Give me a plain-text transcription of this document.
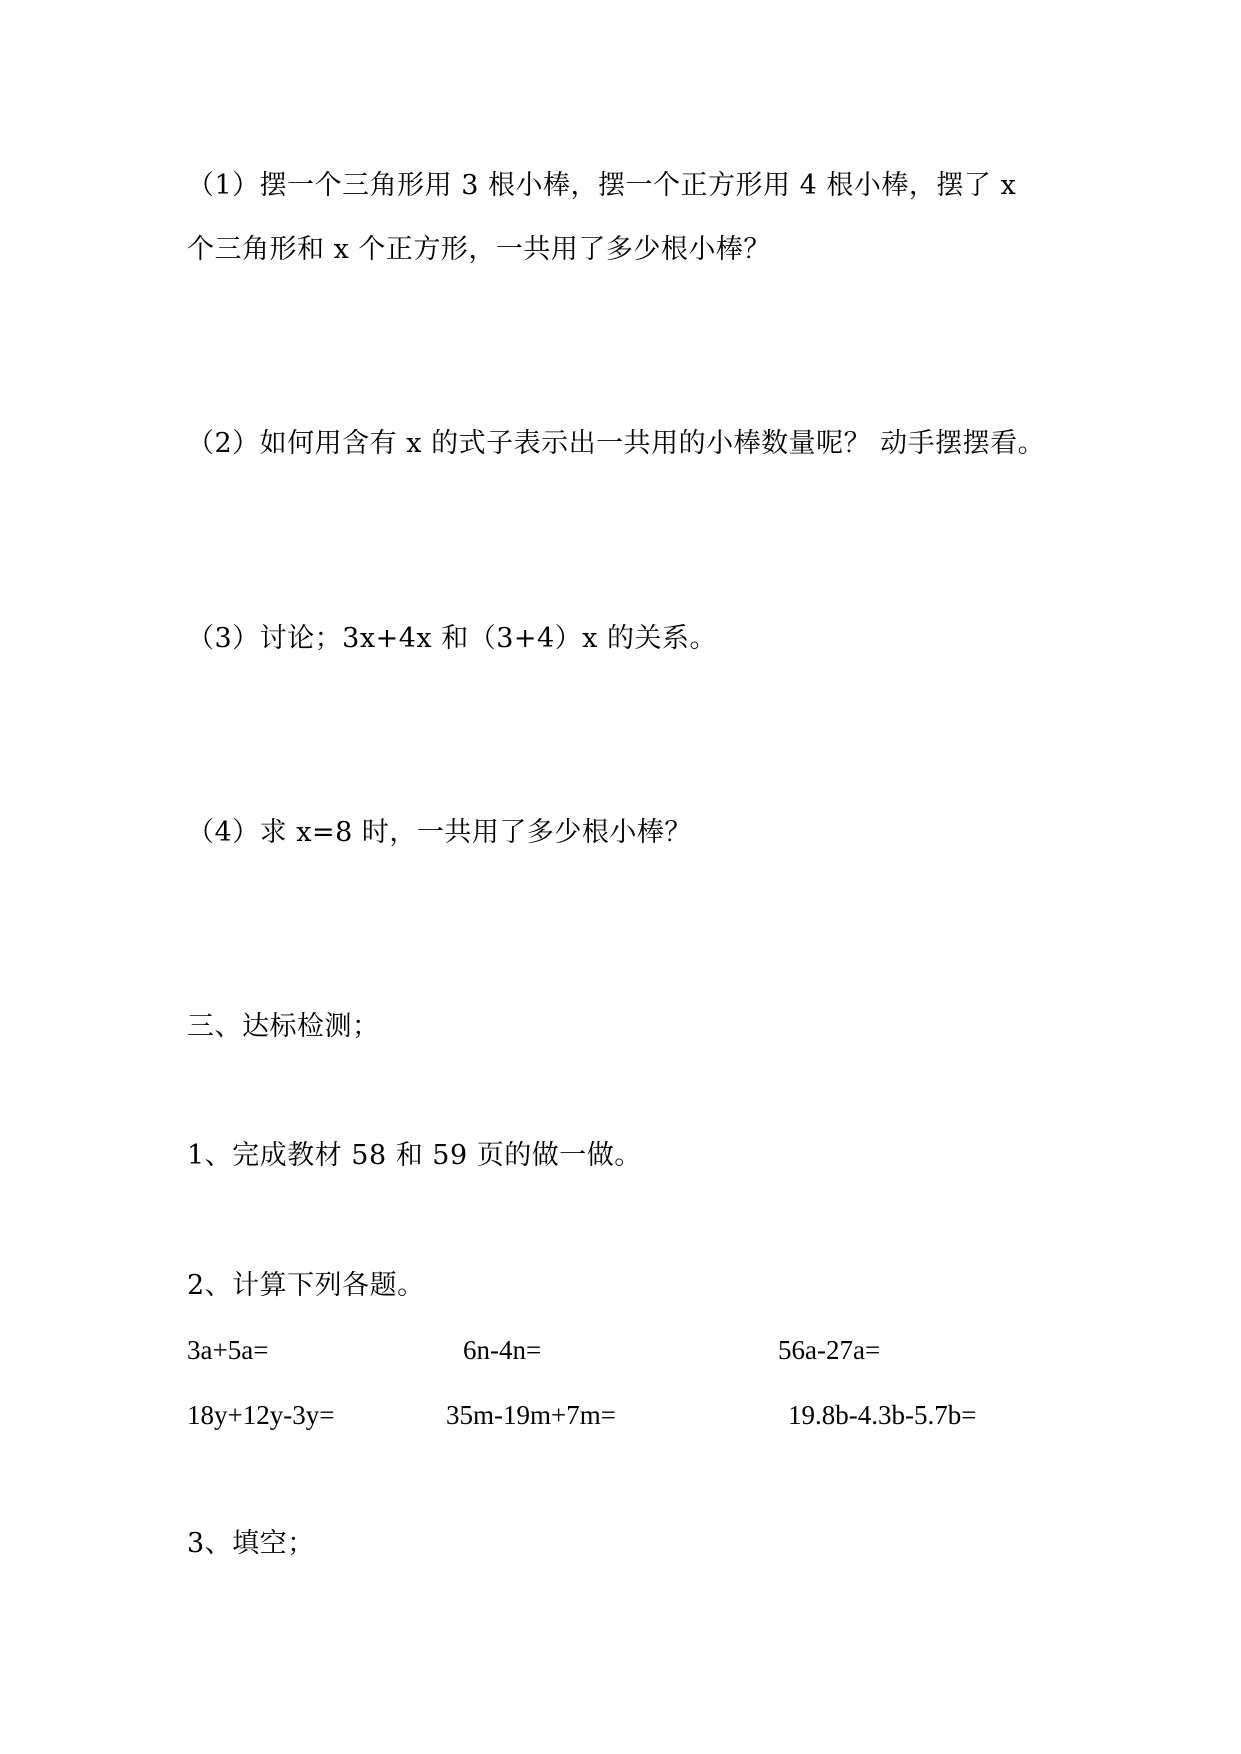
（1）摆一个三角形用 3 根小棒，摆一个正方形用 4 根小棒，摆了 x
个三角形和 x 个正方形，一共用了多少根小棒？
（2）如何用含有 x 的式子表示出一共用的小棒数量呢？ 动手摆摆看。
（3）讨论；3x+4x 和（3+4）x 的关系。
（4）求 x=8 时，一共用了多少根小棒？
三、达标检测；
1、完成教材 58 和 59 页的做一做。
2、计算下列各题。
3a+5a=	6n-4n=	56a-27a=
18y+12y-3y=	35m-19m+7m=	19.8b-4.3b-5.7b=
3、填空；
